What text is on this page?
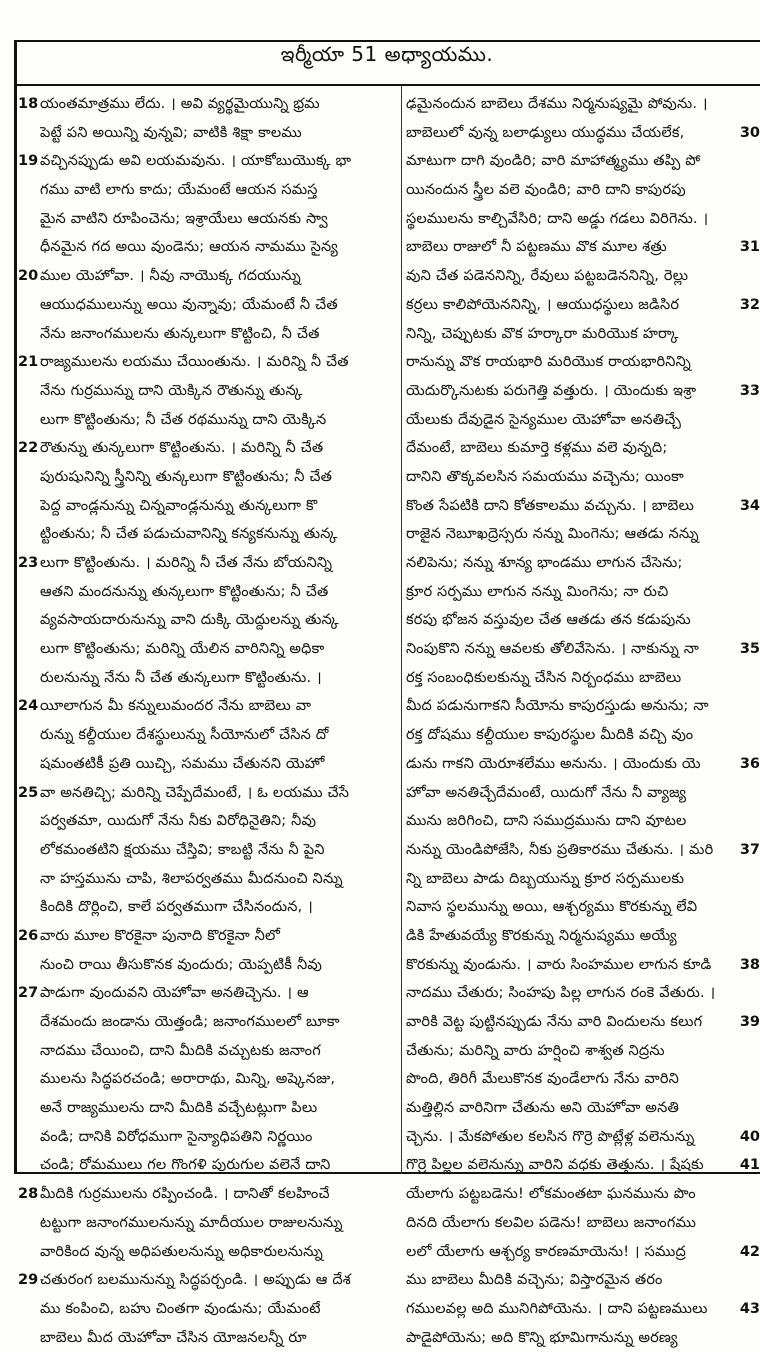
ఇర్మీయా 51 అధ్యాయము.
18 యంతమాత్రము లేదు. । అవి వ్యర్థమైయున్ని భ్రమ
పెట్టే పని అయిన్ని వున్నవి; వాటికి శిక్షా కాలము
19 వచ్చినప్పుడు అవి లయమవును. । యాకోబుయొక్క భా
గము వాటి లాగు కాదు; యేమంటే ఆయన సమస్త
మైన వాటిని రూపించెను; ఇశ్రాయేలు ఆయనకు స్వా
ధీనమైన గద అయి వుండెను; ఆయన నామము సైన్య
20 ముల యెహోవా. । నీవు నాయొక్క గదయున్ను
ఆయుధములున్ను అయి వున్నావు; యేమంటే నీ చేత
నేను జనాంగములను తున్కలుగా కొట్టించి, నీ చేత
21 రాజ్యములను లయము చేయింతును. । మరిన్ని నీ చేత
నేను గుర్రమున్ను దాని యెక్కిన రౌతున్ను తున్క
లుగా కొట్టింతును; నీ చేత రథమున్ను దాని యెక్కిన
22 రౌతున్ను తున్కలుగా కొట్టింతును. । మరిన్ని నీ చేత
పురుషునిన్ని స్త్రీనిన్ని తున్కలుగా కొట్టింతును; నీ చేత
పెద్ద వాండ్లనున్ను చిన్నవాండ్లనున్ను తున్కలుగా కొ
ట్టింతును; నీ చేత పడుచువానిన్ని కన్యకనున్ను తున్క
23 లుగా కొట్టింతును. । మరిన్ని నీ చేత నేను బోయనిన్ని
ఆతని మందనున్ను తున్కలుగా కొట్టింతును; నీ చేత
వ్యవసాయదారునున్ను వాని దుక్కి యెద్దులన్ను తున్క
లుగా కొట్టింతును; మరిన్ని యేలిన వారినిన్ని అధికా
రులనున్ను నేను నీ చేత తున్కలుగా కొట్టింతును. ।
24 యీలాగున మీ కన్నులుమందర నేను బాబెలు వా
రున్ను కల్దీయుల దేశస్థులున్ను సీయోనులో చేసిన దో
షమంతటికీ ప్రతి యిచ్చి, సమము చేతునని యెహో
25 వా అనతిచ్చి; మరిన్ని చెప్పేదేమంటే, । ఓ లయము చేసే
పర్వతమా, యిదుగో నేను నీకు విరోధినైతిని; నీవు
లోకమంతటిని క్షయము చేస్తివి; కాబట్టి నేను నీ పైని
నా హస్తమును చాపి, శిలాపర్వతము మీదనుంచి నిన్ను
కిందికి దొర్లించి, కాలే పర్వతముగా చేసినందున, ।
26 వారు మూల కొరకైనా పునాది కొరకైనా నీలో
నుంచి రాయి తీసుకొనక వుందురు; యెప్పటికీ నీవు
27 పాడుగా వుందువని యెహోవా అనతిచ్చెను. । ఆ
దేశమందు జండాను యెత్తండి; జనాంగములలో బూకా
నాదము చేయించి, దాని మీదికి వచ్చుటకు జనాంగ
ములను సిద్ధపరచండి; అరారాథు, మిన్ని, అష్కెనజు,
అనే రాజ్యములను దాని మీదికి వచ్చేటట్లుగా పిలు
వండి; దానికి విరోధముగా సైన్యాధిపతిని నిర్ణయిం
చండి; రోమములు గల గొంగళి పురుగుల వలెనే దాని
28 మీదికి గుర్రములను రప్పించండి. । దానితో కలహించే
టట్టుగా జనాంగములనున్ను మాదీయుల రాజులనున్ను
వారికింద వున్న అధిపతులనున్ను అధికారులనున్ను
29 చతురంగ బలమునున్ను సిద్ధపర్చండి. । అప్పుడు ఆ దేశ
ము కంపించి, బహు చింతగా వుండును; యేమంటే
బాబెలు మీద యెహోవా చేసిన యోజనలన్నీ రూ
ఢమైనందున బాబెలు దేశము నిర్మనుష్యమై పోవును. ।
బాబెలులో వున్న బలాఢ్యులు యుద్ధము చేయలేక,	30
మాటుగా దాగి వుండిరి; వారి మాహాత్మ్యము తప్పి పో
యినందున స్త్రీల వలె వుండిరి; వారి దాని కాపురపు
స్థలములను కాల్చివేసిరి; దాని అడ్డు గడలు విరిగెను. ।
బాబెలు రాజులో నీ పట్టణము వొక మూల శత్రు	31
వుని చేత పడెననిన్ని, రేవులు పట్టబడెననిన్ని, రెల్లు
కర్రలు కాలిపోయెననిన్ని, । ఆయుధస్థులు జడిసిర	32
నిన్ని, చెప్పుటకు వొక హర్కారా మరియొక హర్కా
రానున్ను వొక రాయభారి మరియొక రాయభారినిన్ని
యెదుర్కొనుటకు పరుగెత్తి వత్తురు. । యెందుకు ఇశ్రా	33
యేలుకు దేవుడైన సైన్యముల యెహోవా అనతిచ్చే
దేమంటే, బాబెలు కుమార్తె కళ్లము వలె వున్నది;
దానిని తొక్కవలసిన సమయము వచ్చెను; యింకా
కొంత సేపటికి దాని కోతకాలము వచ్చును. । బాబెలు	34
రాజైన నెబూఖద్రెస్సరు నన్ను మింగెను; ఆతడు నన్ను
నలిపెను; నన్ను శూన్య భాండము లాగున చేసెను;
క్రూర సర్పము లాగున నన్ను మింగెను; నా రుచి
కరపు భోజన వస్తువుల చేత ఆతడు తన కడుపును
నింపుకొని నన్ను ఆవలకు తోలివేసెను. । నాకున్ను నా	35
రక్త సంబంధికులకున్ను చేసిన నిర్బంధము బాబెలు
మీద పడునుగాకని సీయోను కాపురస్తుడు అనును; నా
రక్త దోషము కల్దీయుల కాపురస్థుల మీదికి వచ్చి వుం
డును గాకని యెరూశలేము అనును. । యెందుకు యె	36
హోవా అనతిచ్చేదేమంటే, యిదుగో నేను నీ వ్యాజ్య
మును జరిగించి, దాని సముద్రమును దాని వూటల
నున్ను యెండిపోజేసి, నీకు ప్రతికారము చేతును. । మరి	37
న్ని బాబెలు పాడు దిబ్బయున్ను క్రూర సర్పములకు
నివాస స్థలమున్ను అయి, ఆశ్చర్యము కొరకున్ను లేవి
డికి హేతువయ్యే కొరకున్ను నిర్మనుష్యము అయ్యే
కొరకున్ను వుండును. । వారు సింహముల లాగున కూడి	38
నాదము చేతురు; సింహపు పిల్ల లాగున రంకె వేతురు. ।
వారికి వెట్ట పుట్టినప్పుడు నేను వారి విందులను కలుగ	39
చేతును; మరిన్ని వారు హర్షించి శాశ్వత నిద్రను
పొంది, తిరిగీ మేలుకొనక వుండేలాగు నేను వారిని
మత్తిల్లిన వారినిగా చేతును అని యెహోవా అనతి
చ్చెను. । మేకపోతుల కలసిన గొర్రె పొట్లేళ్ల వలెనున్ను	40
గొర్రె పిల్లల వలెనున్ను వారిని వధకు తెత్తును. । షేషకు	41
యేలాగు పట్టబడెను! లోకమంతటా ఘనమును పొం
దినది యేలాగు కలవిల పడెను! బాబెలు జనాంగము
లలో యేలాగు ఆశ్చర్య కారణమాయెను! । సముద్ర	42
ము బాబెలు మీదికి వచ్చెను; విస్తారమైన తరం
గములవల్ల అది మునిగిపోయెను. । దాని పట్టణములు	43
పాడైపోయెను; అది కొన్ని భూమిగానున్ను అరణ్య
